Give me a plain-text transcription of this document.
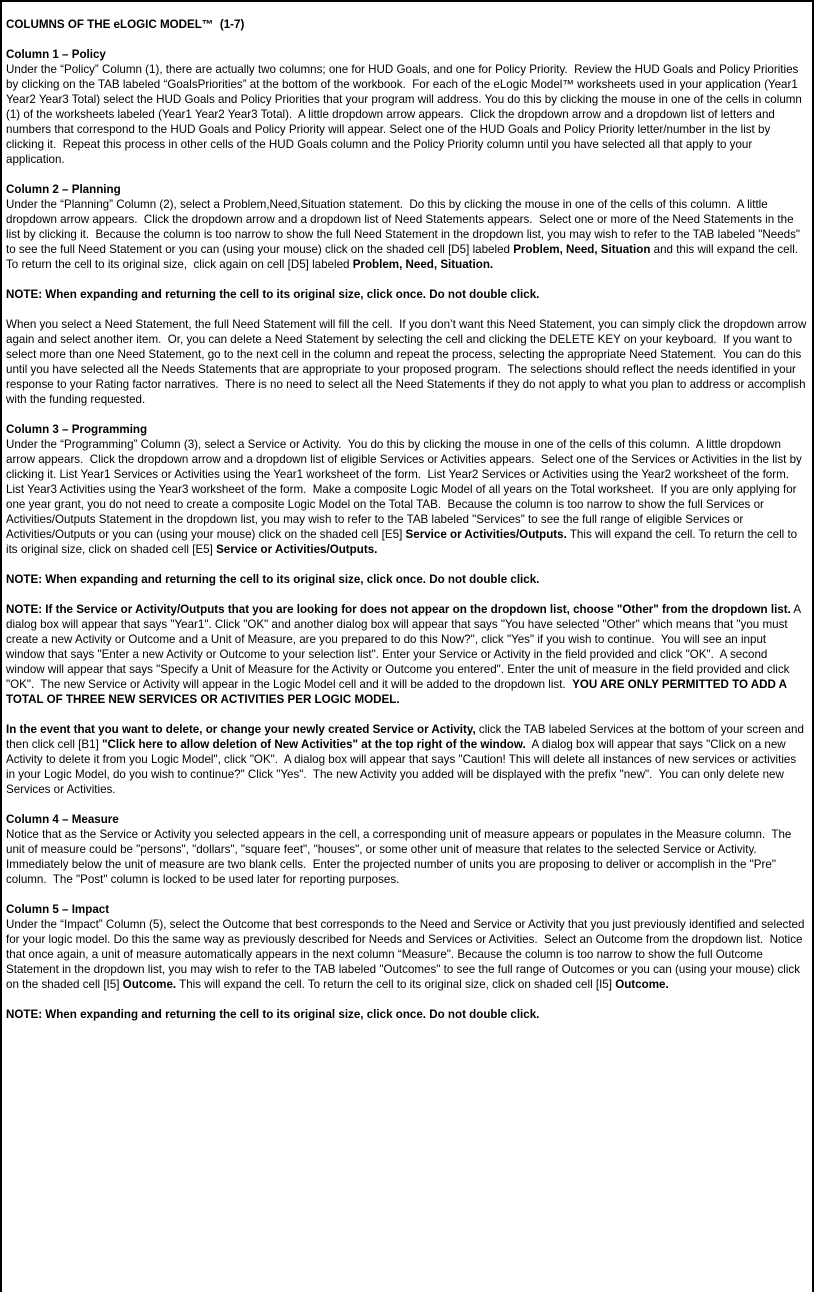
COLUMNS OF THE eLOGIC MODEL™  (1-7)
Column 1 – Policy

Under the “Policy” Column (1), there are actually two columns; one for HUD Goals, and one for Policy Priority.  Review the HUD Goals and Policy Priorities by clicking on the TAB labeled “GoalsPriorities” at the bottom of the workbook.  For each of the eLogic Model™ worksheets used in your application (Year1 Year2 Year3 Total) select the HUD Goals and Policy Priorities that your program will address. You do this by clicking the mouse in one of the cells in column (1) of the worksheets labeled (Year1 Year2 Year3 Total).  A little dropdown arrow appears.  Click the dropdown arrow and a dropdown list of letters and numbers that correspond to the HUD Goals and Policy Priority will appear. Select one of the HUD Goals and Policy Priority letter/number in the list by clicking it.  Repeat this process in other cells of the HUD Goals column and the Policy Priority column until you have selected all that apply to your application.

Column 2 – Planning

Under the “Planning” Column (2), select a Problem,Need,Situation statement.  Do this by clicking the mouse in one of the cells of this column.  A little dropdown arrow appears.  Click the dropdown arrow and a dropdown list of Need Statements appears.  Select one or more of the Need Statements in the list by clicking it.  Because the column is too narrow to show the full Need Statement in the dropdown list, you may wish to refer to the TAB labeled "Needs" to see the full Need Statement or you can (using your mouse) click on the shaded cell [D5] labeled Problem, Need, Situation and this will expand the cell.  To return the cell to its original size,  click again on cell [D5] labeled Problem, Need, Situation.

NOTE: When expanding and returning the cell to its original size, click once. Do not double click.

When you select a Need Statement, the full Need Statement will fill the cell.  If you don’t want this Need Statement, you can simply click the dropdown arrow again and select another item.  Or, you can delete a Need Statement by selecting the cell and clicking the DELETE KEY on your keyboard.  If you want to select more than one Need Statement, go to the next cell in the column and repeat the process, selecting the appropriate Need Statement.  You can do this until you have selected all the Needs Statements that are appropriate to your proposed program.  The selections should reflect the needs identified in your response to your Rating factor narratives.  There is no need to select all the Need Statements if they do not apply to what you plan to address or accomplish with the funding requested.

Column 3 – Programming

Under the “Programming” Column (3), select a Service or Activity.  You do this by clicking the mouse in one of the cells of this column.  A little dropdown arrow appears.  Click the dropdown arrow and a dropdown list of eligible Services or Activities appears.  Select one of the Services or Activities in the list by clicking it. List Year1 Services or Activities using the Year1 worksheet of the form.  List Year2 Services or Activities using the Year2 worksheet of the form.  List Year3 Activities using the Year3 worksheet of the form.  Make a composite Logic Model of all years on the Total worksheet.  If you are only applying for one year grant, you do not need to create a composite Logic Model on the Total TAB.  Because the column is too narrow to show the full Services or Activities/Outputs Statement in the dropdown list, you may wish to refer to the TAB labeled "Services" to see the full range of eligible Services or Activities/Outputs or you can (using your mouse) click on the shaded cell [E5] Service or Activities/Outputs. This will expand the cell. To return the cell to its original size, click on shaded cell [E5] Service or Activities/Outputs.

NOTE: When expanding and returning the cell to its original size, click once. Do not double click.

NOTE: If the Service or Activity/Outputs that you are looking for does not appear on the dropdown list, choose "Other" from the dropdown list. A dialog box will appear that says "Year1". Click "OK" and another dialog box will appear that says "You have selected "Other" which means that "you must create a new Activity or Outcome and a Unit of Measure, are you prepared to do this Now?", click "Yes" if you wish to continue.  You will see an input window that says "Enter a new Activity or Outcome to your selection list". Enter your Service or Activity in the field provided and click "OK".  A second window will appear that says "Specify a Unit of Measure for the Activity or Outcome you entered". Enter the unit of measure in the field provided and click "OK".  The new Service or Activity will appear in the Logic Model cell and it will be added to the dropdown list.  YOU ARE ONLY PERMITTED TO ADD A TOTAL OF THREE NEW SERVICES OR ACTIVITIES PER LOGIC MODEL.

In the event that you want to delete, or change your newly created Service or Activity, click the TAB labeled Services at the bottom of your screen and then click cell [B1] "Click here to allow deletion of New Activities" at the top right of the window.  A dialog box will appear that says "Click on a new Activity to delete it from you Logic Model", click "OK".  A dialog box will appear that says "Caution! This will delete all instances of new services or activities in your Logic Model, do you wish to continue?" Click "Yes".  The new Activity you added will be displayed with the prefix "new".  You can only delete new Services or Activities.

Column 4 – Measure

Notice that as the Service or Activity you selected appears in the cell, a corresponding unit of measure appears or populates in the Measure column.  The unit of measure could be "persons", "dollars", "square feet", "houses", or some other unit of measure that relates to the selected Service or Activity.  Immediately below the unit of measure are two blank cells.  Enter the projected number of units you are proposing to deliver or accomplish in the "Pre" column.  The "Post" column is locked to be used later for reporting purposes.

Column 5 – Impact

Under the “Impact” Column (5), select the Outcome that best corresponds to the Need and Service or Activity that you just previously identified and selected for your logic model. Do this the same way as previously described for Needs and Services or Activities.  Select an Outcome from the dropdown list.  Notice that once again, a unit of measure automatically appears in the next column “Measure". Because the column is too narrow to show the full Outcome Statement in the dropdown list, you may wish to refer to the TAB labeled "Outcomes" to see the full range of Outcomes or you can (using your mouse) click on the shaded cell [I5] Outcome. This will expand the cell. To return the cell to its original size, click on shaded cell [I5] Outcome.

NOTE: When expanding and returning the cell to its original size, click once. Do not double click.
